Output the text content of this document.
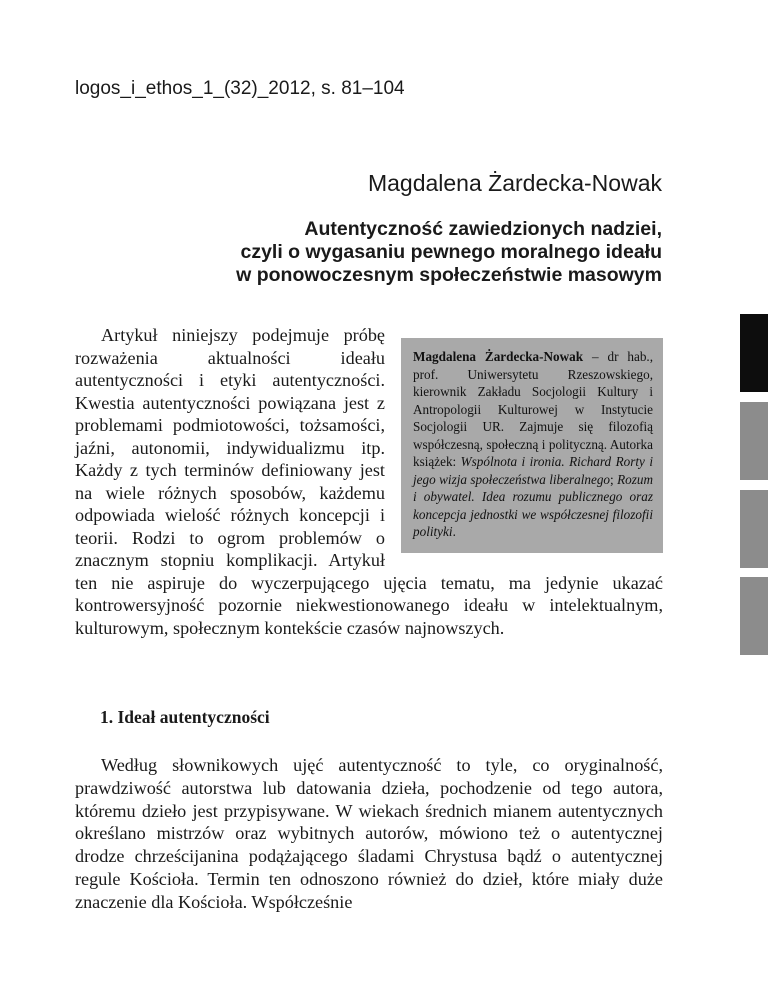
logos_i_ethos_1_(32)_2012, s. 81–104
Magdalena Żardecka-Nowak
Autentyczność zawiedzionych nadziei,
czyli o wygasaniu pewnego moralnego ideału
w ponowoczesnym społeczeństwie masowym
Magdalena Żardecka-Nowak – dr hab., prof. Uniwersytetu Rzeszowskiego, kierownik Zakładu Socjologii Kultury i Antropologii Kulturowej w Instytucie Socjologii UR. Zajmuje się filozofią współczesną, społeczną i polityczną. Autorka książek: Wspólnota i ironia. Richard Rorty i jego wizja społeczeństwa liberalnego; Rozum i obywatel. Idea rozumu publicznego oraz koncepcja jednostki we współczesnej filozofii polityki.

Artykuł niniejszy podejmuje próbę rozważenia aktualności ideału autentyczności i etyki autentyczności. Kwestia autentyczności powiązana jest z problemami podmiotowości, tożsamości, jaźni, autonomii, indywidualizmu itp. Każdy z tych terminów definiowany jest na wiele różnych sposobów, każdemu odpowiada wielość różnych koncepcji i teorii. Rodzi to ogrom problemów o znacznym stopniu komplikacji. Artykuł ten nie aspiruje do wyczerpującego ujęcia tematu, ma jedynie ukazać kontrowersyjność pozornie niekwestionowanego ideału w intelektualnym, kulturowym, społecznym kontekście czasów najnowszych.

1. Ideał autentyczności

Według słownikowych ujęć autentyczność to tyle, co oryginalność, prawdziwość autorstwa lub datowania dzieła, pochodzenie od tego autora, któremu dzieło jest przypisywane. W wiekach średnich mianem autentycznych określano mistrzów oraz wybitnych autorów, mówiono też o autentycznej drodze chrześcijanina podążającego śladami Chrystusa bądź o autentycznej regule Kościoła. Termin ten odnoszono również do dzieł, które miały duże znaczenie dla Kościoła. Współcześnie
